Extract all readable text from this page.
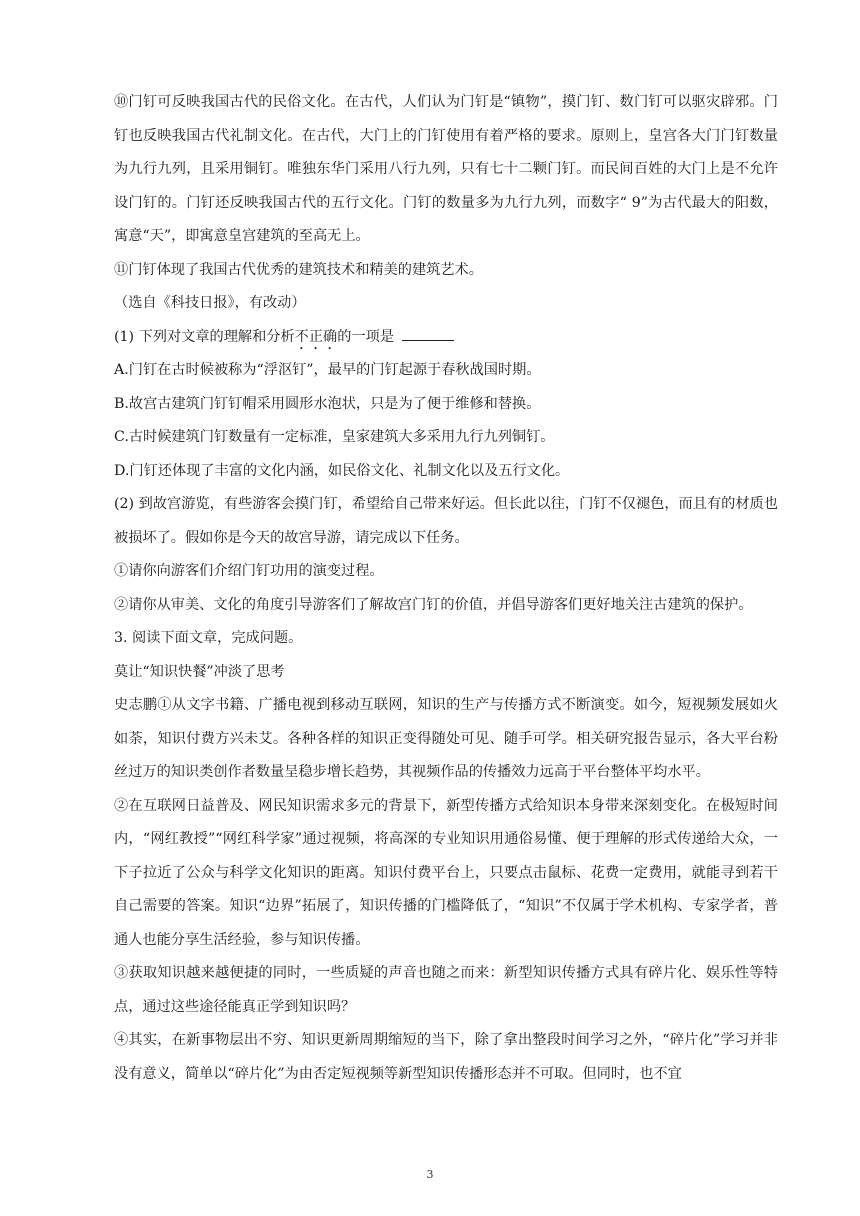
⑩门钉可反映我国古代的民俗文化。在古代，人们认为门钉是“镇物”，摸门钉、数门钉可以驱灾辟邪。门钉也反映我国古代礼制文化。在古代，大门上的门钉使用有着严格的要求。原则上，皇宫各大门门钉数量为九行九列，且采用铜钉。唯独东华门采用八行九列，只有七十二颗门钉。而民间百姓的大门上是不允许设门钉的。门钉还反映我国古代的五行文化。门钉的数量多为九行九列，而数字“ 9”为古代最大的阳数，寓意“天”，即寓意皇宫建筑的至高无上。

⑪门钉体现了我国古代优秀的建筑技术和精美的建筑艺术。

（选自《科技日报》，有改动）

(1) 下列对文章的理解和分析不正确的一项是

A.门钉在古时候被称为“浮沤钉”，最早的门钉起源于春秋战国时期。

B.故宫古建筑门钉钉帽采用圆形水泡状，只是为了便于维修和替换。

C.古时候建筑门钉数量有一定标准，皇家建筑大多采用九行九列铜钉。

D.门钉还体现了丰富的文化内涵，如民俗文化、礼制文化以及五行文化。

(2) 到故宫游览，有些游客会摸门钉，希望给自己带来好运。但长此以往，门钉不仅褪色，而且有的材质也被损坏了。假如你是今天的故宫导游，请完成以下任务。

①请你向游客们介绍门钉功用的演变过程。

②请你从审美、文化的角度引导游客们了解故宫门钉的价值，并倡导游客们更好地关注古建筑的保护。

3. 阅读下面文章，完成问题。

莫让“知识快餐”冲淡了思考

史志鹏①从文字书籍、广播电视到移动互联网，知识的生产与传播方式不断演变。如今，短视频发展如火如荼，知识付费方兴未艾。各种各样的知识正变得随处可见、随手可学。相关研究报告显示，各大平台粉丝过万的知识类创作者数量呈稳步增长趋势，其视频作品的传播效力远高于平台整体平均水平。

②在互联网日益普及、网民知识需求多元的背景下，新型传播方式给知识本身带来深刻变化。在极短时间内，“网红教授”“网红科学家”通过视频，将高深的专业知识用通俗易懂、便于理解的形式传递给大众，一下子拉近了公众与科学文化知识的距离。知识付费平台上，只要点击鼠标、花费一定费用，就能寻到若干自己需要的答案。知识“边界”拓展了，知识传播的门槛降低了，“知识”不仅属于学术机构、专家学者，普通人也能分享生活经验，参与知识传播。

③获取知识越来越便捷的同时，一些质疑的声音也随之而来：新型知识传播方式具有碎片化、娱乐性等特点，通过这些途径能真正学到知识吗？

④其实，在新事物层出不穷、知识更新周期缩短的当下，除了拿出整段时间学习之外，“碎片化”学习并非没有意义，简单以“碎片化”为由否定短视频等新型知识传播形态并不可取。但同时，也不宜

3
